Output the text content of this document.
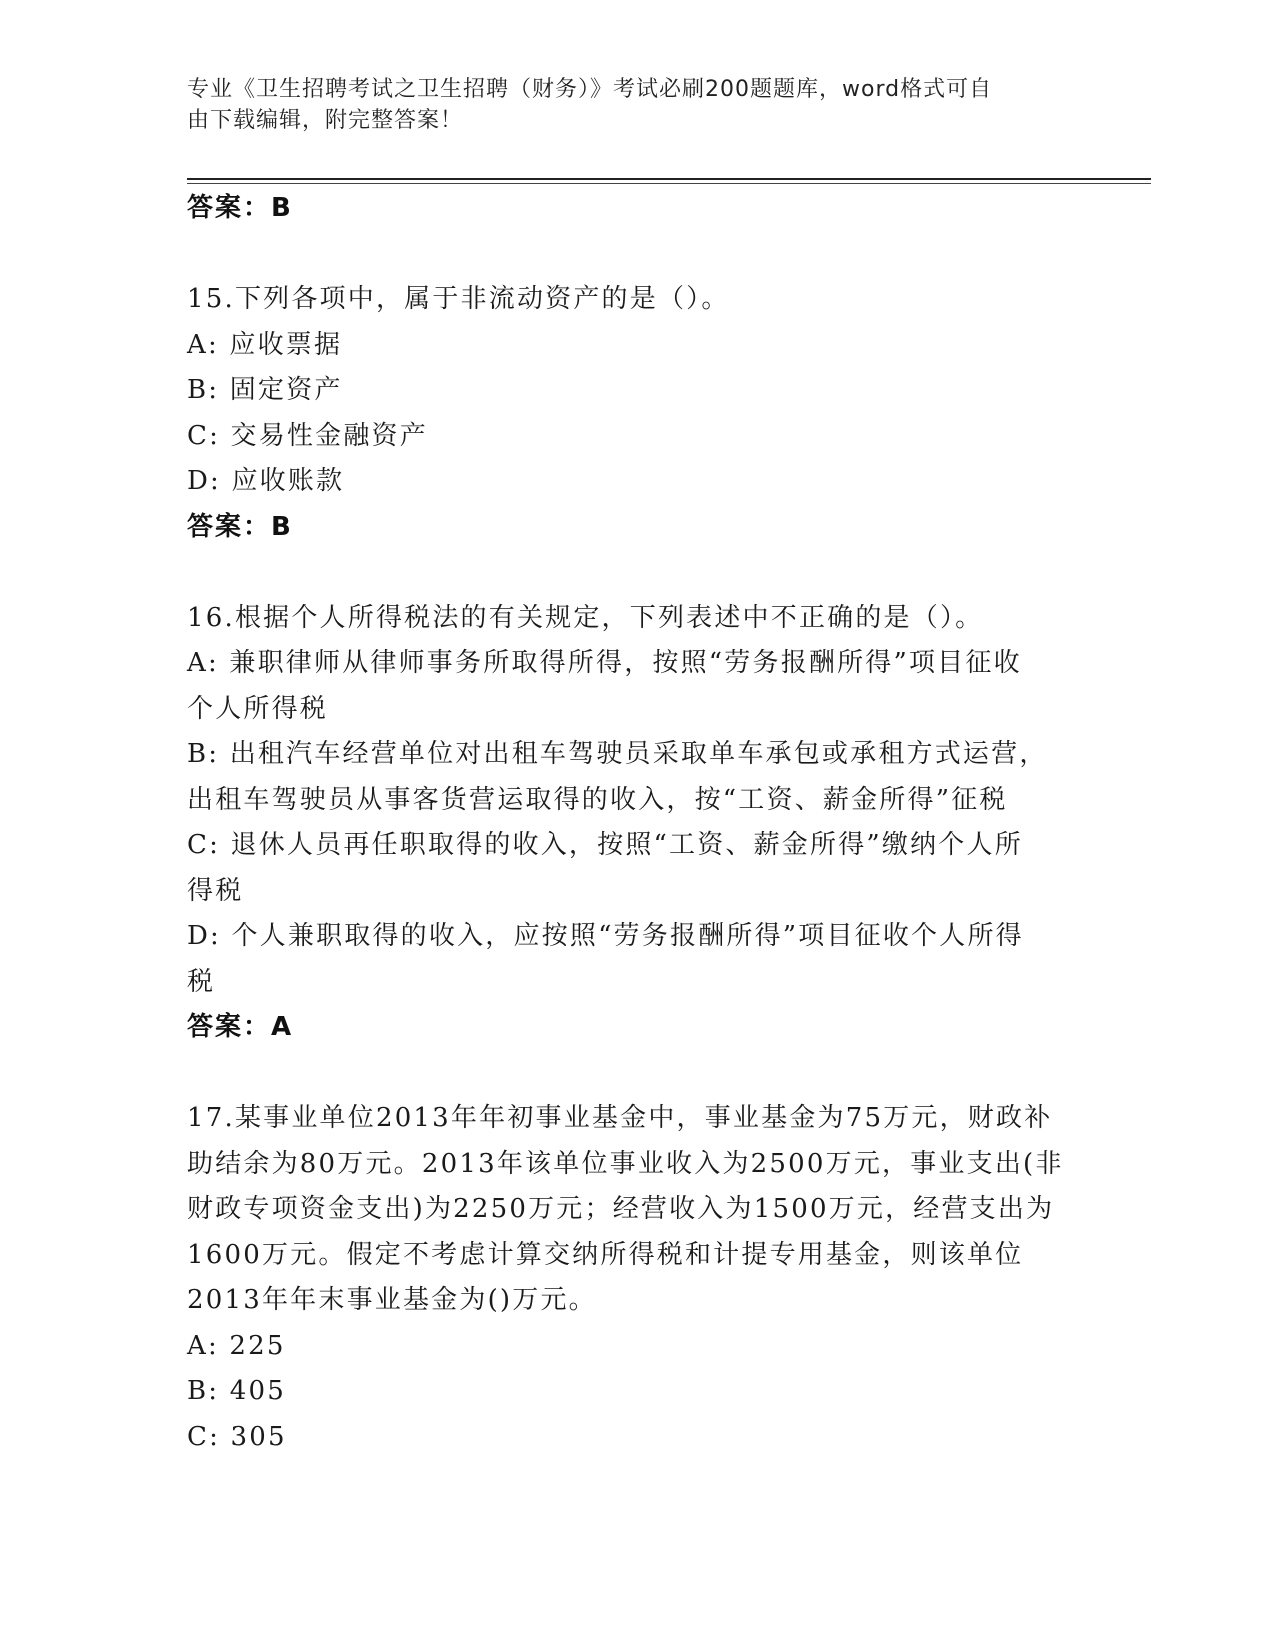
专业《卫生招聘考试之卫生招聘（财务）》考试必刷200题题库，word格式可自
由下载编辑，附完整答案！
答案：B
15.下列各项中，属于非流动资产的是（）。
A: 应收票据
B: 固定资产
C: 交易性金融资产
D: 应收账款
答案：B
16.根据个人所得税法的有关规定，下列表述中不正确的是（）。
A: 兼职律师从律师事务所取得所得，按照“劳务报酬所得”项目征收
个人所得税
B: 出租汽车经营单位对出租车驾驶员采取单车承包或承租方式运营，
出租车驾驶员从事客货营运取得的收入，按“工资、薪金所得”征税
C: 退休人员再任职取得的收入，按照“工资、薪金所得”缴纳个人所
得税
D: 个人兼职取得的收入，应按照“劳务报酬所得”项目征收个人所得
税
答案：A
17.某事业单位2013年年初事业基金中，事业基金为75万元，财政补
助结余为80万元。2013年该单位事业收入为2500万元，事业支出(非
财政专项资金支出)为2250万元；经营收入为1500万元，经营支出为
1600万元。假定不考虑计算交纳所得税和计提专用基金，则该单位
2013年年末事业基金为()万元。
A: 225
B: 405
C: 305
